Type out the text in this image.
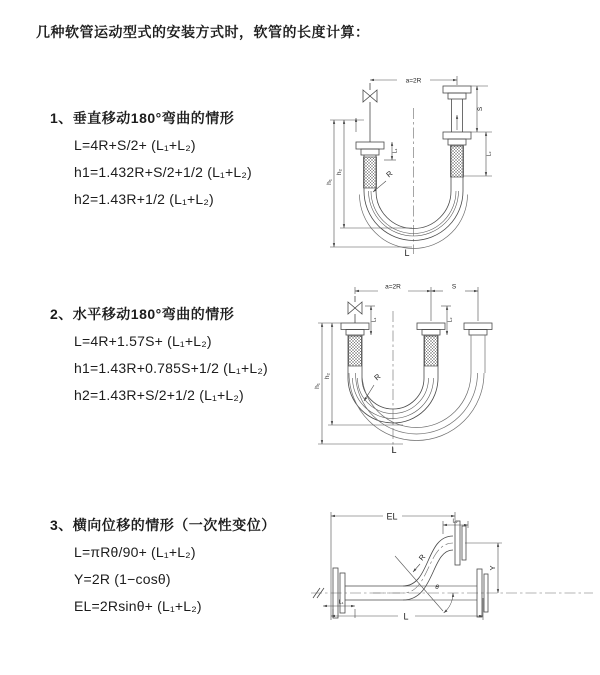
几种软管运动型式的安装方式时，软管的长度计算：
1、垂直移动180°弯曲的情形
L=4R+S/2+ (L₁+L₂)
h1=1.432R+S/2+1/2 (L₁+L₂)
h2=1.43R+1/2 (L₁+L₂)
2、水平移动180°弯曲的情形
L=4R+1.57S+ (L₁+L₂)
h1=1.43R+0.785S+1/2 (L₁+L₂)
h2=1.43R+S/2+1/2 (L₁+L₂)
3、横向位移的情形（一次性变位）
L=πRθ/90+ (L₁+L₂)
Y=2R (1−cosθ)
EL=2Rsinθ+ (L₁+L₂)
a=2R
S
L₂
L₁
h₁
h₂	R
L
a=2R	S
L₁	L₂
h₁
h₂	R
L
EL	L₂
Y
θ
R
L
L₁
